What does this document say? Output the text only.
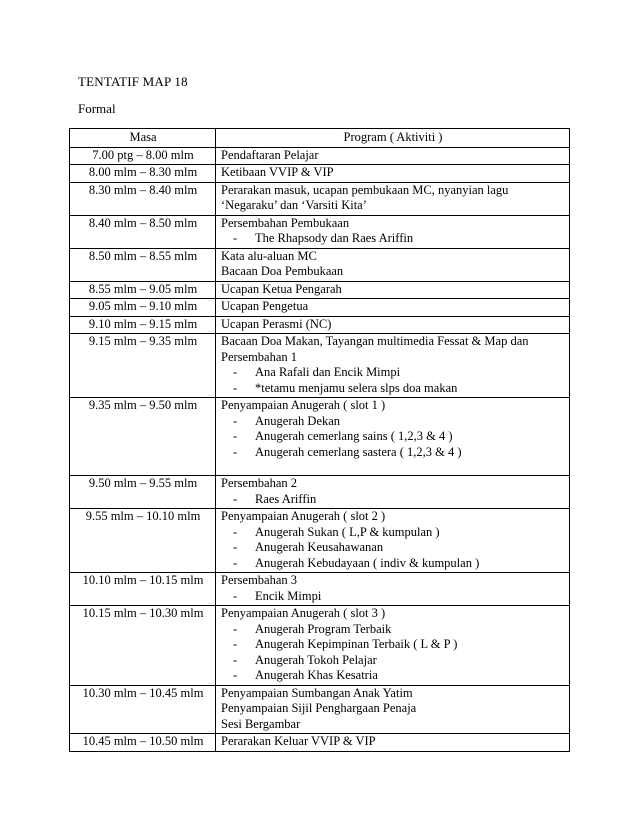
TENTATIF MAP 18
Formal
Masa	Program ( Aktiviti )
7.00 ptg – 8.00 mlm	Pendaftaran Pelajar

8.00 mlm – 8.30 mlm	Ketibaan VVIP & VIP

8.30 mlm – 8.40 mlm	Perarakan masuk, ucapan pembukaan MC, nyanyian lagu
‘Negaraku’ dan ‘Varsiti Kita’

8.40 mlm – 8.50 mlm	Persembahan Pembukaan
- The Rhapsody dan Raes Ariffin

8.50 mlm – 8.55 mlm	Kata alu-aluan MC
Bacaan Doa Pembukaan

8.55 mlm – 9.05 mlm	Ucapan Ketua Pengarah

9.05 mlm – 9.10 mlm	Ucapan Pengetua

9.10 mlm – 9.15 mlm	Ucapan Perasmi (NC)

9.15 mlm – 9.35 mlm	Bacaan Doa Makan, Tayangan multimedia Fessat & Map dan
Persembahan 1
- Ana Rafali dan Encik Mimpi
- *tetamu menjamu selera slps doa makan

9.35 mlm – 9.50 mlm	Penyampaian Anugerah ( slot 1 )
- Anugerah Dekan
- Anugerah cemerlang sains ( 1,2,3 & 4 )
- Anugerah cemerlang sastera ( 1,2,3 & 4 )

9.50 mlm – 9.55 mlm	Persembahan 2
- Raes Ariffin

9.55 mlm – 10.10 mlm	Penyampaian Anugerah ( slot 2 )
- Anugerah Sukan ( L,P & kumpulan )
- Anugerah Keusahawanan
- Anugerah Kebudayaan ( indiv & kumpulan )

10.10 mlm – 10.15 mlm	Persembahan 3
- Encik Mimpi

10.15 mlm – 10.30 mlm	Penyampaian Anugerah ( slot 3 )
- Anugerah Program Terbaik
- Anugerah Kepimpinan Terbaik ( L & P )
- Anugerah Tokoh Pelajar
- Anugerah Khas Kesatria

10.30 mlm – 10.45 mlm	Penyampaian Sumbangan Anak Yatim
Penyampaian Sijil Penghargaan Penaja
Sesi Bergambar

10.45 mlm – 10.50 mlm	Perarakan Keluar VVIP & VIP
